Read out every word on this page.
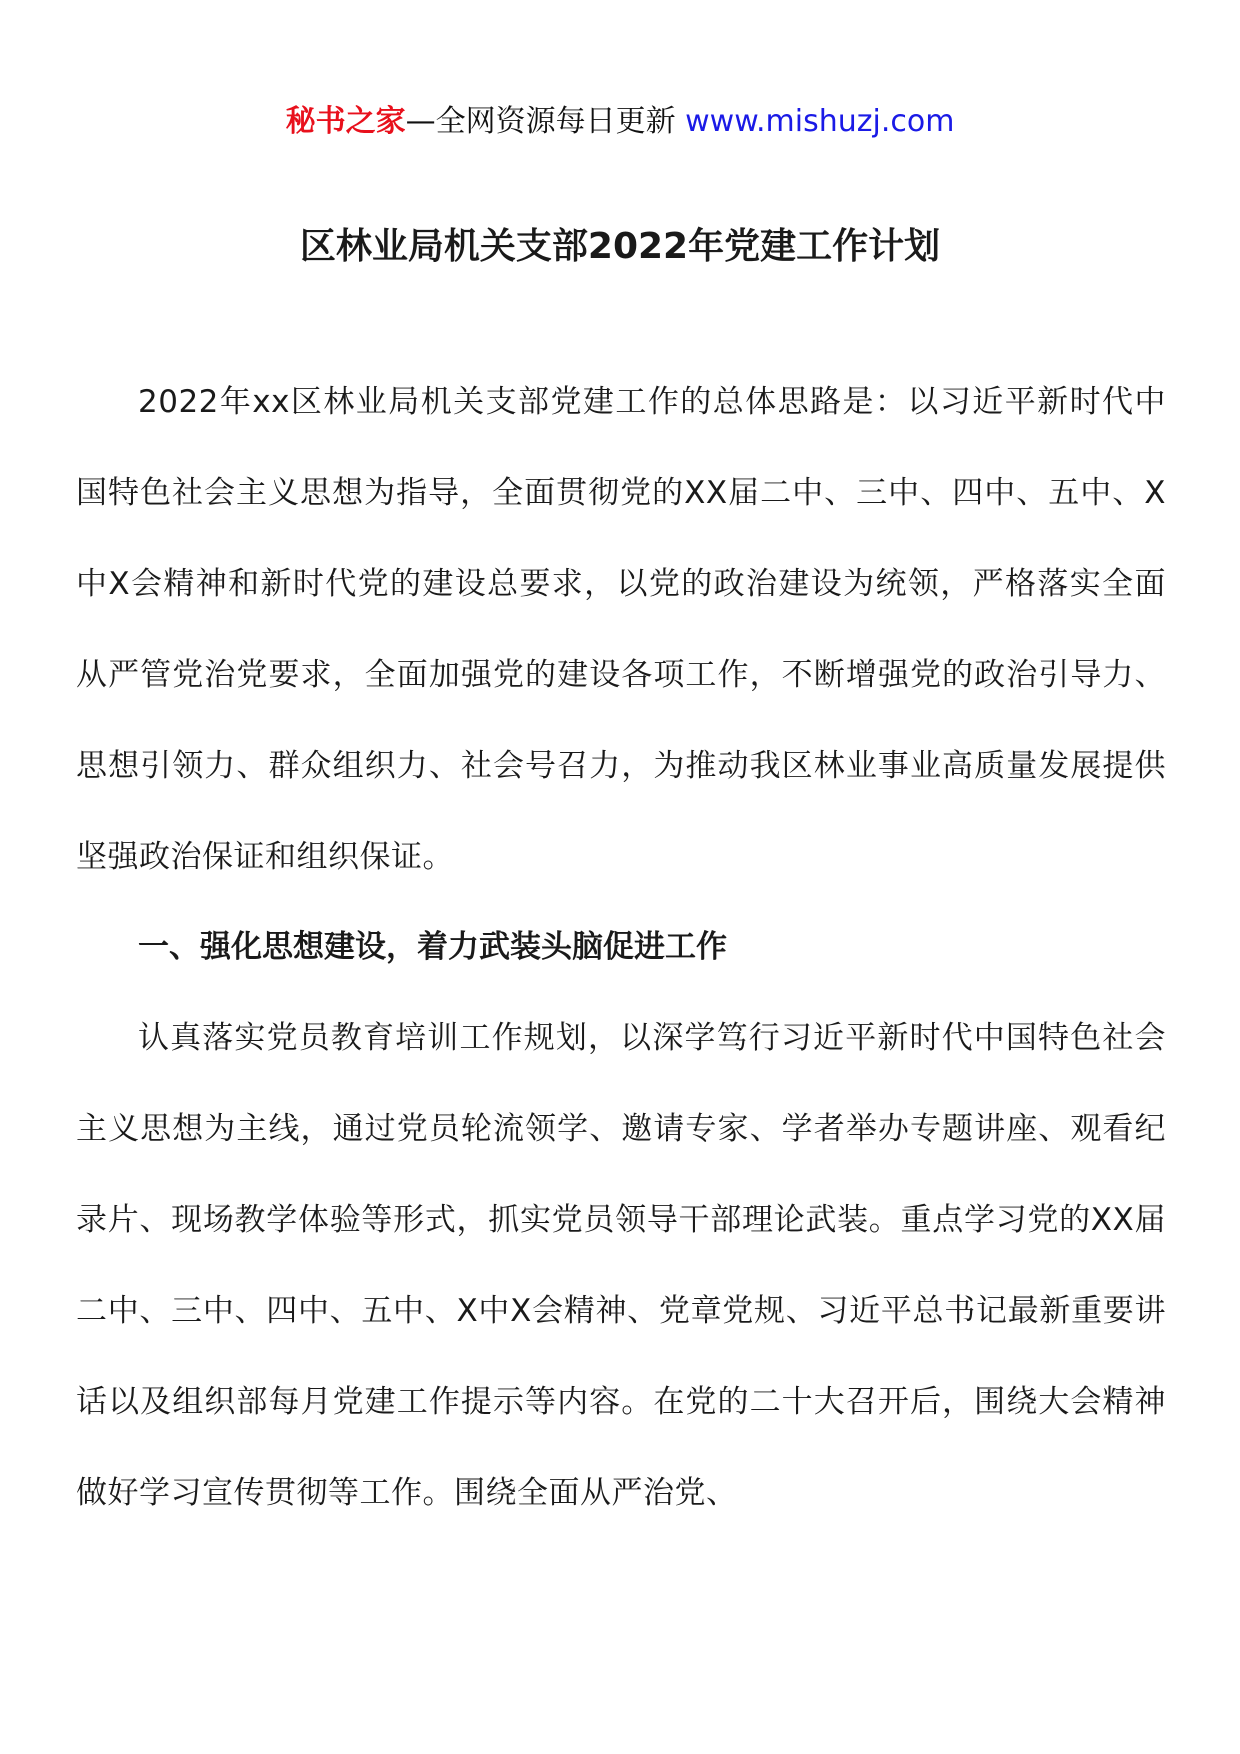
秘书之家—全网资源每日更新 www.mishuzj.com
区林业局机关支部2022年党建工作计划

2022年xx区林业局机关支部党建工作的总体思路是：以习近平新时代中国特色社会主义思想为指导，全面贯彻党的XX届二中、三中、四中、五中、X中X会精神和新时代党的建设总要求，以党的政治建设为统领，严格落实全面从严管党治党要求，全面加强党的建设各项工作，不断增强党的政治引导力、思想引领力、群众组织力、社会号召力，为推动我区林业事业高质量发展提供坚强政治保证和组织保证。

一、强化思想建设，着力武装头脑促进工作

认真落实党员教育培训工作规划，以深学笃行习近平新时代中国特色社会主义思想为主线，通过党员轮流领学、邀请专家、学者举办专题讲座、观看纪录片、现场教学体验等形式，抓实党员领导干部理论武装。重点学习党的XX届二中、三中、四中、五中、X中X会精神、党章党规、习近平总书记最新重要讲话以及组织部每月党建工作提示等内容。在党的二十大召开后，围绕大会精神做好学习宣传贯彻等工作。围绕全面从严治党、
